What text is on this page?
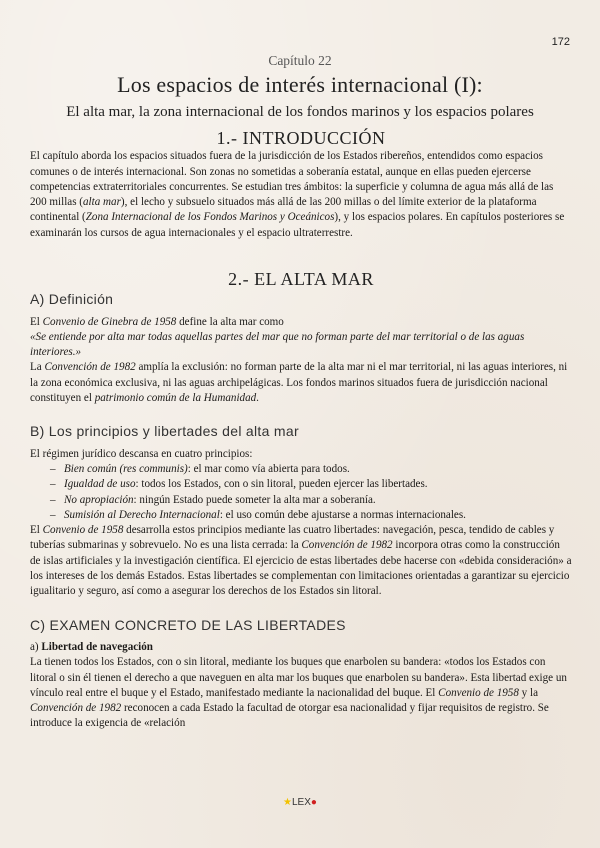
172
Capítulo 22
Los espacios de interés internacional (I):
El alta mar, la zona internacional de los fondos marinos y los espacios polares
1.- INTRODUCCIÓN

El capítulo aborda los espacios situados fuera de la jurisdicción de los Estados ribereños, entendidos como espacios comunes o de interés internacional. Son zonas no sometidas a soberanía estatal, aunque en ellas pueden ejercerse competencias extraterritoriales concurrentes. Se estudian tres ámbitos: la superficie y columna de agua más allá de las 200 millas (alta mar), el lecho y subsuelo situados más allá de las 200 millas o del límite exterior de la plataforma continental (Zona Internacional de los Fondos Marinos y Oceánicos), y los espacios polares. En capítulos posteriores se examinarán los cursos de agua internacionales y el espacio ultraterrestre.

2.- EL ALTA MAR
A) Definición

El Convenio de Ginebra de 1958 define la alta mar como

«Se entiende por alta mar todas aquellas partes del mar que no forman parte del mar territorial o de las aguas interiores.»

La Convención de 1982 amplía la exclusión: no forman parte de la alta mar ni el mar territorial, ni las aguas interiores, ni la zona económica exclusiva, ni las aguas archipelágicas. Los fondos marinos situados fuera de jurisdicción nacional constituyen el patrimonio común de la Humanidad.

B) Los principios y libertades del alta mar

El régimen jurídico descansa en cuatro principios:

– Bien común (res communis): el mar como vía abierta para todos.
– Igualdad de uso: todos los Estados, con o sin litoral, pueden ejercer las libertades.
– No apropiación: ningún Estado puede someter la alta mar a soberanía.
– Sumisión al Derecho Internacional: el uso común debe ajustarse a normas internacionales.

El Convenio de 1958 desarrolla estos principios mediante las cuatro libertades: navegación, pesca, tendido de cables y tuberías submarinas y sobrevuelo. No es una lista cerrada: la Convención de 1982 incorpora otras como la construcción de islas artificiales y la investigación científica. El ejercicio de estas libertades debe hacerse con «debida consideración» a los intereses de los demás Estados. Estas libertades se complementan con limitaciones orientadas a garantizar su ejercicio igualitario y seguro, así como a asegurar los derechos de los Estados sin litoral.

C) EXAMEN CONCRETO DE LAS LIBERTADES

a) Libertad de navegación

La tienen todos los Estados, con o sin litoral, mediante los buques que enarbolen su bandera: «todos los Estados con litoral o sin él tienen el derecho a que naveguen en alta mar los buques que enarbolen su bandera». Esta libertad exige un vínculo real entre el buque y el Estado, manifestado mediante la nacionalidad del buque. El Convenio de 1958 y la Convención de 1982 reconocen a cada Estado la facultad de otorgar esa nacionalidad y fijar requisitos de registro. Se introduce la exigencia de «relación

★LEX●
